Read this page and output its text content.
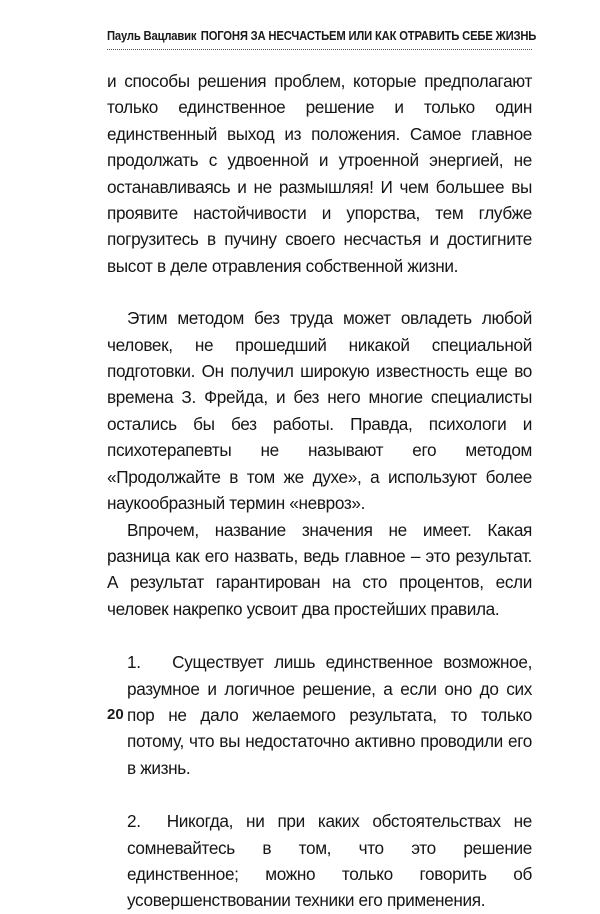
Пауль Вацлавик ПОГОНЯ ЗА НЕСЧАСТЬЕМ ИЛИ КАК ОТРАВИТЬ СЕБЕ ЖИЗНЬ

и способы решения проблем, которые предполагают только единственное решение и только один единственный выход из положения. Самое главное продолжать с удвоенной и утроенной энергией, не останавливаясь и не размышляя! И чем большее вы проявите настойчивости и упорства, тем глубже погрузитесь в пучину своего несчастья и достигните высот в деле отравления собственной жизни.

Этим методом без труда может овладеть любой человек, не прошедший никакой специальной подготовки. Он получил широкую известность еще во времена З. Фрейда, и без него многие специалисты остались бы без работы. Правда, психологи и психотерапевты не называют его методом «Продолжайте в том же духе», а используют более наукообразный термин «невроз».

Впрочем, название значения не имеет. Какая разница как его назвать, ведь главное – это результат. А результат гарантирован на сто процентов, если человек накрепко усвоит два простейших правила.

1. Существует лишь единственное возможное, разумное и логичное решение, а если оно до сих пор не дало желаемого результата, то только потому, что вы недостаточно активно проводили его в жизнь.

2. Никогда, ни при каких обстоятельствах не сомневайтесь в том, что это решение единственное; можно только говорить об усовершенствовании техники его применения.

20
